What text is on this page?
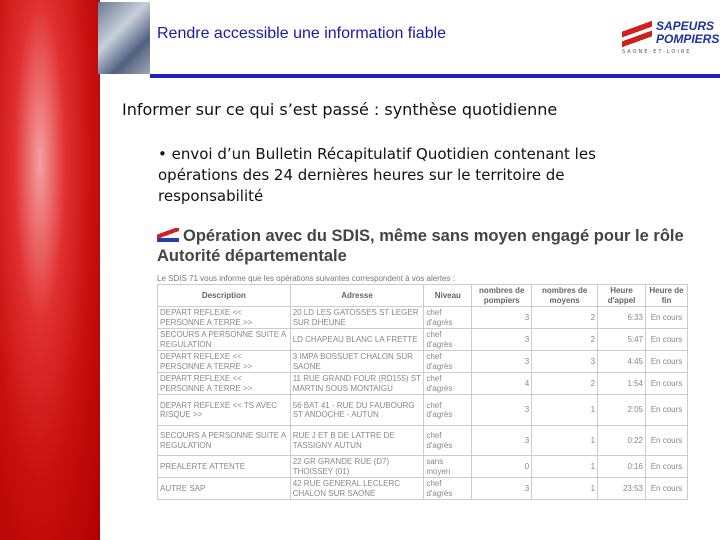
Rendre accessible une information fiable	SAPEURS
POMPIERS
SAONE-ET-LOIRE
Informer sur ce qui s’est passé : synthèse quotidienne
• envoi d’un Bulletin Récapitulatif Quotidien contenant les opérations des 24 dernières heures sur le territoire de responsabilité
Opération avec du SDIS, même sans moyen engagé pour le rôle Autorité départementale
Le SDIS 71 vous informe que les opérations suivantes correspondent à vos alertes :
Description	Adresse	Niveau	nombres de pompiers	nombres de moyens	Heure d'appel	Heure de fin
DEPART REFLEXE << PERSONNE A TERRE >>	20 LD LES GATOSSES ST LEGER SUR DHEUNE	chef d'agrès	3	2	6:33	En cours
SECOURS A PERSONNE SUITE A REGULATION	LD CHAPEAU BLANC LA FRETTE	chef d'agrès	3	2	5:47	En cours
DEPART REFLEXE << PERSONNE A TERRE >>	3 IMPA BOSSUET CHALON SUR SAONE	chef d'agrès	3	3	4:45	En cours
DEPART REFLEXE << PERSONNE A TERRE >>	11 RUE GRAND FOUR (RD155) ST MARTIN SOUS MONTAIGU	chef d'agrès	4	2	1:54	En cours
DEPART REFLEXE << TS AVEC RISQUE >>	56 BAT 41 - RUE DU FAUBOURG ST ANDOCHE - AUTUN	chef d'agrès	3	1	2:05	En cours
SECOURS A PERSONNE SUITE A REGULATION	RUE J ET B DE LATTRE DE TASSIGNY AUTUN	chef d'agrès	3	1	0:22	En cours
PREALERTE ATTENTE	22 GR GRANDE RUE (D7) THOISSEY (01)	sans moyen	0	1	0:16	En cours
AUTRE SAP	42 RUE GENERAL LECLERC CHALON SUR SAONE	chef d'agrès	3	1	23:53	En cours
